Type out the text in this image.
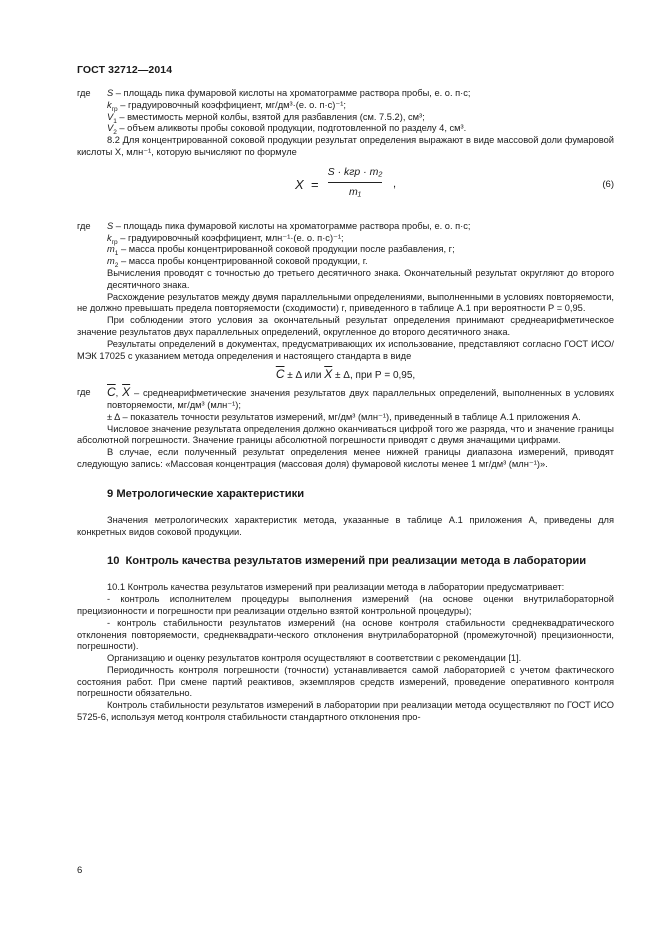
ГОСТ 32712—2014
где	S – площадь пика фумаровой кислоты на хроматограмме раствора пробы, е. о. п·с;
$k_{гр}$ – градуировочный коэффициент, мг/дм³·(е. о. п·с)⁻¹;
$V_1$ – вместимость мерной колбы, взятой для разбавления (см. 7.5.2), см³;
$V_2$ – объем аликвоты пробы соковой продукции, подготовленной по разделу 4, см³.

8.2 Для концентрированной соковой продукции результат определения выражают в виде массовой доли фумаровой кислоты X, млн⁻¹, которую вычисляют по формуле

X =
S · kгр · m₂
m₁
,	(6)
где	S – площадь пика фумаровой кислоты на хроматограмме раствора пробы, е. о. п·с;
$k_{гр}$ – градуировочный коэффициент, млн⁻¹·(е. о. п·с)⁻¹;
$m_1$ – масса пробы концентрированной соковой продукции после разбавления, г;
$m_2$ – масса пробы концентрированной соковой продукции, г.
Вычисления проводят с точностью до третьего десятичного знака. Окончательный результат округляют до второго десятичного знака.

Расхождение результатов между двумя параллельными определениями, выполненными в условиях повторяемости, не должно превышать предела повторяемости (сходимости) r, приведенного в таблице А.1 при вероятности Р = 0,95.

При соблюдении этого условия за окончательный результат определения принимают среднеарифметическое значение результатов двух параллельных определений, округленное до второго десятичного знака.

Результаты определений в документах, предусматривающих их использование, представляют согласно ГОСТ ИСО/МЭК 17025 с указанием метода определения и настоящего стандарта в виде

$\overline{C} \pm \Delta$ или $\overline{X} \pm \Delta$, при Р = 0,95,
где	$\overline{C}$, $\overline{X}$ – среднеарифметические значения результатов двух параллельных определений, выполненных в условиях повторяемости, мг/дм³ (млн⁻¹);
± Δ – показатель точности результатов измерений, мг/дм³ (млн⁻¹), приведенный в таблице А.1 приложения А.

Числовое значение результата определения должно оканчиваться цифрой того же разряда, что и значение границы абсолютной погрешности. Значение границы абсолютной погрешности приводят с двумя значащими цифрами.

В случае, если полученный результат определения менее нижней границы диапазона измерений, приводят следующую запись: «Массовая концентрация (массовая доля) фумаровой кислоты менее 1 мг/дм³ (млн⁻¹)».

9 Метрологические характеристики

Значения метрологических характеристик метода, указанные в таблице А.1 приложения А, приведены для конкретных видов соковой продукции.

10 Контроль качества результатов измерений при реализации метода в лаборатории

10.1 Контроль качества результатов измерений при реализации метода в лаборатории предусматривает:

- контроль исполнителем процедуры выполнения измерений (на основе оценки внутрилабораторной прецизионности и погрешности при реализации отдельно взятой контрольной процедуры);

- контроль стабильности результатов измерений (на основе контроля стабильности среднеквадратического отклонения повторяемости, среднеквадрати-ческого отклонения внутрилабораторной (промежуточной) прецизионности, погрешности).

Организацию и оценку результатов контроля осуществляют в соответствии с рекомендации [1].

Периодичность контроля погрешности (точности) устанавливается самой лабораторией с учетом фактического состояния работ. При смене партий реактивов, экземпляров средств измерений, проведение оперативного контроля погрешности обязательно.

Контроль стабильности результатов измерений в лаборатории при реализации метода осуществляют по ГОСТ ИСО 5725-6, используя метод контроля стабильности стандартного отклонения про-

6
